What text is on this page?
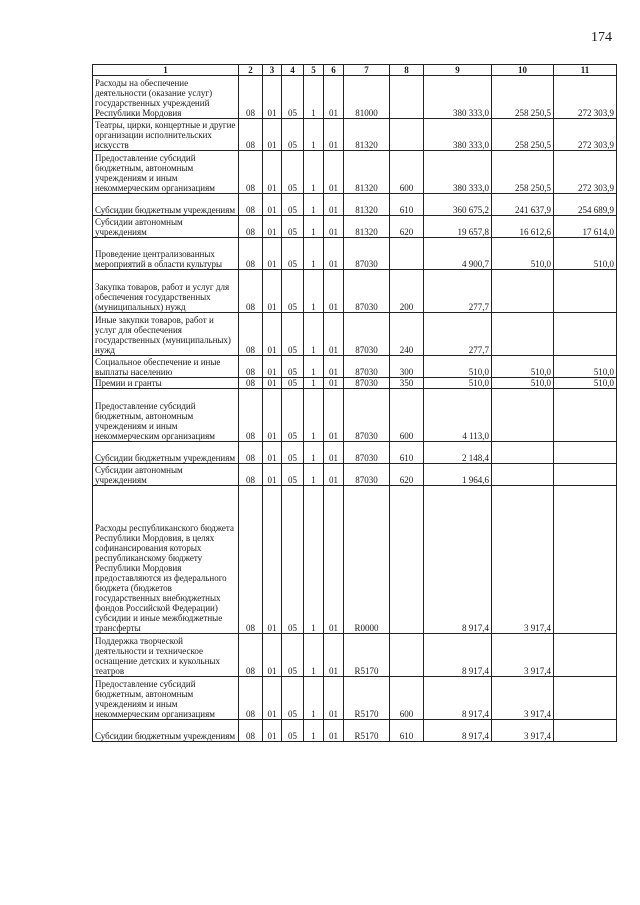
174
1	2	3	4	5	6	7	8	9	10	11
Расходы на обеспечение деятельности (оказание услуг) государственных учреждений Республики Мордовия	08	01	05	1	01	81000		380 333,0	258 250,5	272 303,9
Театры, цирки, концертные и другие организации исполнительских искусств	08	01	05	1	01	81320		380 333,0	258 250,5	272 303,9
Предоставление субсидий бюджетным, автономным учреждениям и иным некоммерческим организациям	08	01	05	1	01	81320	600	380 333,0	258 250,5	272 303,9
Субсидии бюджетным учреждениям	08	01	05	1	01	81320	610	360 675,2	241 637,9	254 689,9
Субсидии автономным учреждениям	08	01	05	1	01	81320	620	19 657,8	16 612,6	17 614,0
Проведение централизованных мероприятий в области культуры	08	01	05	1	01	87030		4 900,7	510,0	510,0
Закупка товаров, работ и услуг для обеспечения государственных (муниципальных) нужд	08	01	05	1	01	87030	200	277,7		
Иные закупки товаров, работ и услуг для обеспечения государственных (муниципальных) нужд	08	01	05	1	01	87030	240	277,7		
Социальное обеспечение и иные выплаты населению	08	01	05	1	01	87030	300	510,0	510,0	510,0
Премии и гранты	08	01	05	1	01	87030	350	510,0	510,0	510,0
Предоставление субсидий бюджетным, автономным учреждениям и иным некоммерческим организациям	08	01	05	1	01	87030	600	4 113,0		
Субсидии бюджетным учреждениям	08	01	05	1	01	87030	610	2 148,4		
Субсидии автономным учреждениям	08	01	05	1	01	87030	620	1 964,6		
Расходы республиканского бюджета Республики Мордовия, в целях софинансирования которых республиканскому бюджету Республики Мордовия предоставляются из федерального бюджета (бюджетов государственных внебюджетных фондов Российской Федерации) субсидии и иные межбюджетные трансферты	08	01	05	1	01	R0000		8 917,4	3 917,4	
Поддержка творческой деятельности и техническое оснащение детских и кукольных театров	08	01	05	1	01	R5170		8 917,4	3 917,4	
Предоставление субсидий бюджетным, автономным учреждениям и иным некоммерческим организациям	08	01	05	1	01	R5170	600	8 917,4	3 917,4	
Субсидии бюджетным учреждениям	08	01	05	1	01	R5170	610	8 917,4	3 917,4	
